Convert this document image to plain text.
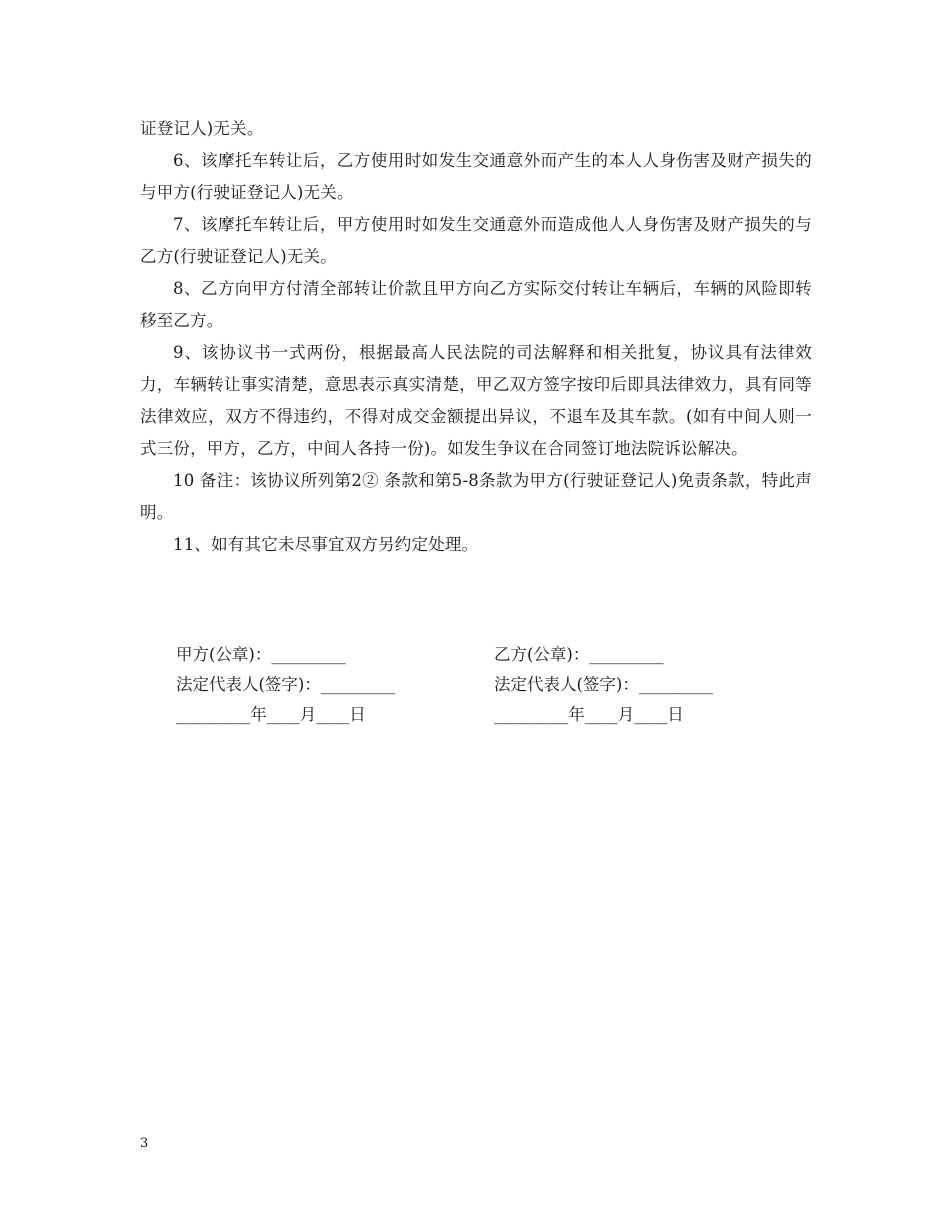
证登记人)无关。

6、该摩托车转让后，乙方使用时如发生交通意外而产生的本人人身伤害及财产损失的与甲方(行驶证登记人)无关。

7、该摩托车转让后，甲方使用时如发生交通意外而造成他人人身伤害及财产损失的与乙方(行驶证登记人)无关。

8、乙方向甲方付清全部转让价款且甲方向乙方实际交付转让车辆后，车辆的风险即转移至乙方。

9、该协议书一式两份，根据最高人民法院的司法解释和相关批复，协议具有法律效力，车辆转让事实清楚，意思表示真实清楚，甲乙双方签字按印后即具法律效力，具有同等法律效应，双方不得违约，不得对成交金额提出异议，不退车及其车款。(如有中间人则一式三份，甲方，乙方，中间人各持一份)。如发生争议在合同签订地法院诉讼解决。

10 备注：该协议所列第2② 条款和第5-8条款为甲方(行驶证登记人)免责条款，特此声明。

11、如有其它未尽事宜双方另约定处理。

甲方(公章)：_________	乙方(公章)：_________
法定代表人(签字)：_________	法定代表人(签字)：_________
_________年____月____日	_________年____月____日
3
